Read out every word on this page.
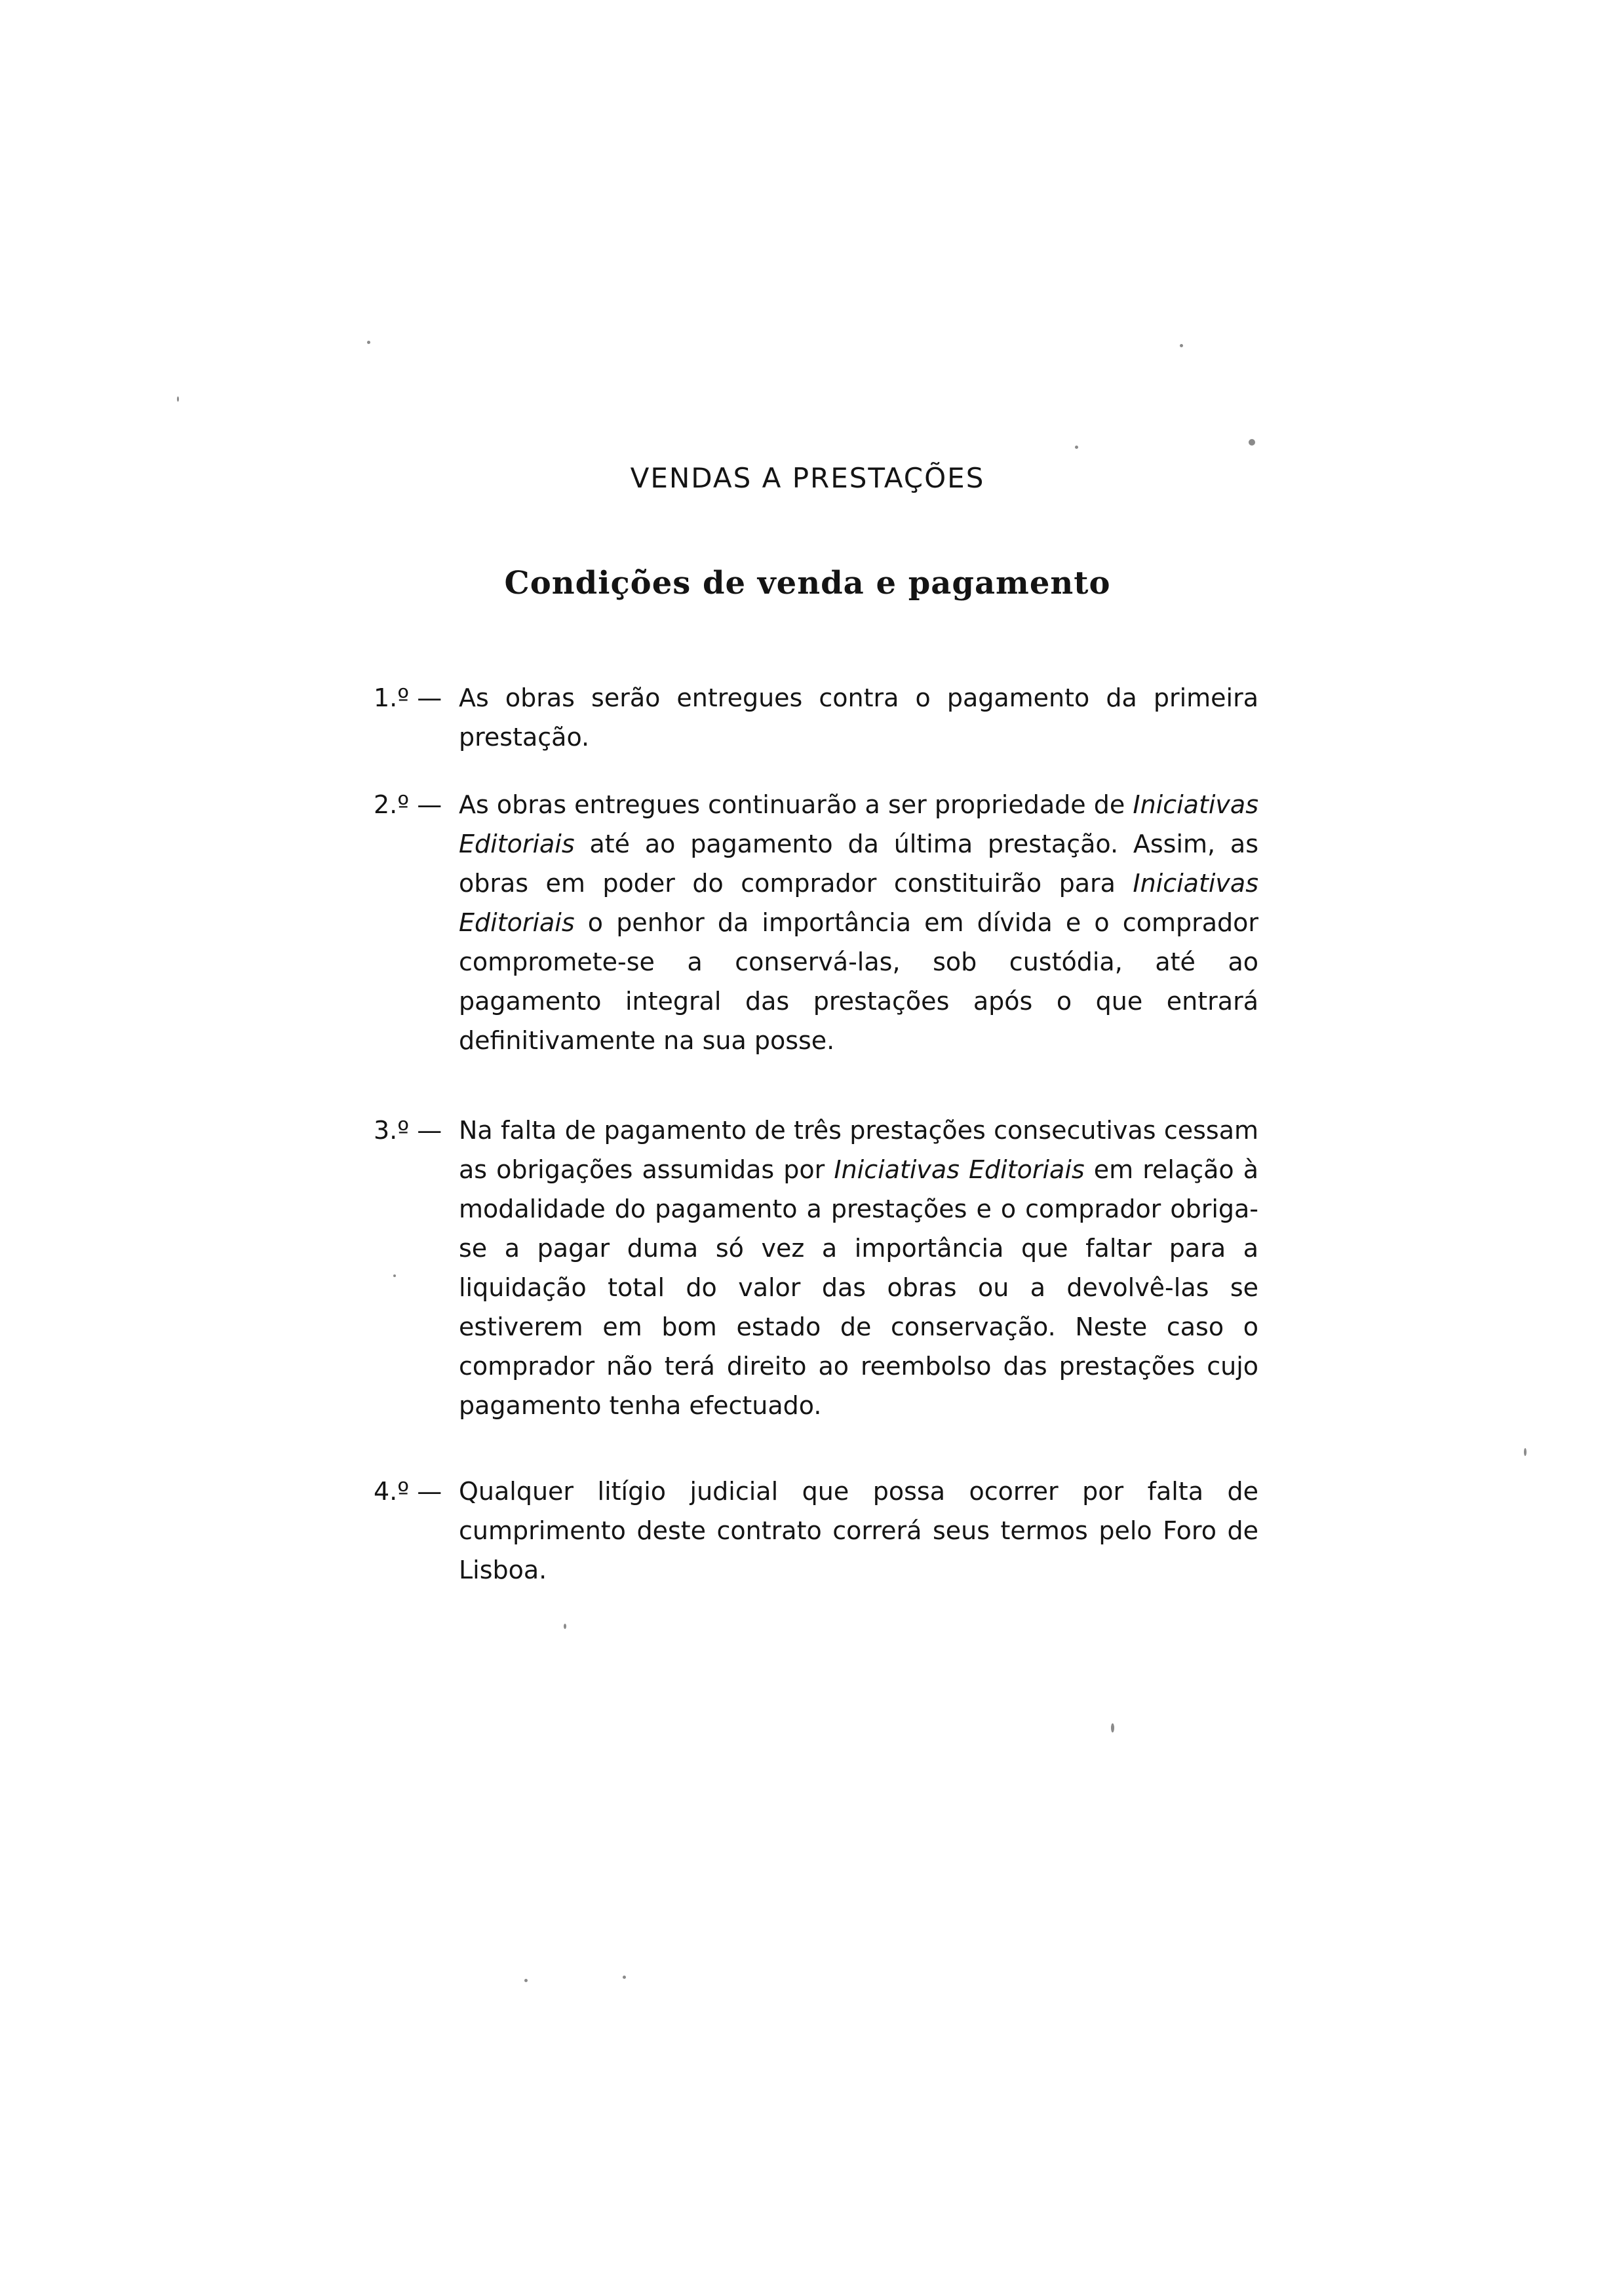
VENDAS A PRESTAÇÕES
Condições de venda e pagamento
1.º — As obras serão entregues contra o pagamento da primeira prestação.
2.º — As obras entregues continuarão a ser propriedade de Iniciativas Editoriais até ao pagamento da última prestação. Assim, as obras em poder do comprador constituirão para Iniciativas Editoriais o penhor da importância em dívida e o comprador compromete-se a conservá-las, sob custódia, até ao pagamento integral das prestações após o que entrará definitivamente na sua posse.
3.º — Na falta de pagamento de três prestações consecutivas cessam as obrigações assumidas por Iniciativas Editoriais em relação à modalidade do pagamento a prestações e o comprador obriga-se a pagar duma só vez a importância que faltar para a liquidação total do valor das obras ou a devolvê-las se estiverem em bom estado de conservação. Neste caso o comprador não terá direito ao reembolso das prestações cujo pagamento tenha efectuado.
4.º — Qualquer litígio judicial que possa ocorrer por falta de cumprimento deste contrato correrá seus termos pelo Foro de Lisboa.
